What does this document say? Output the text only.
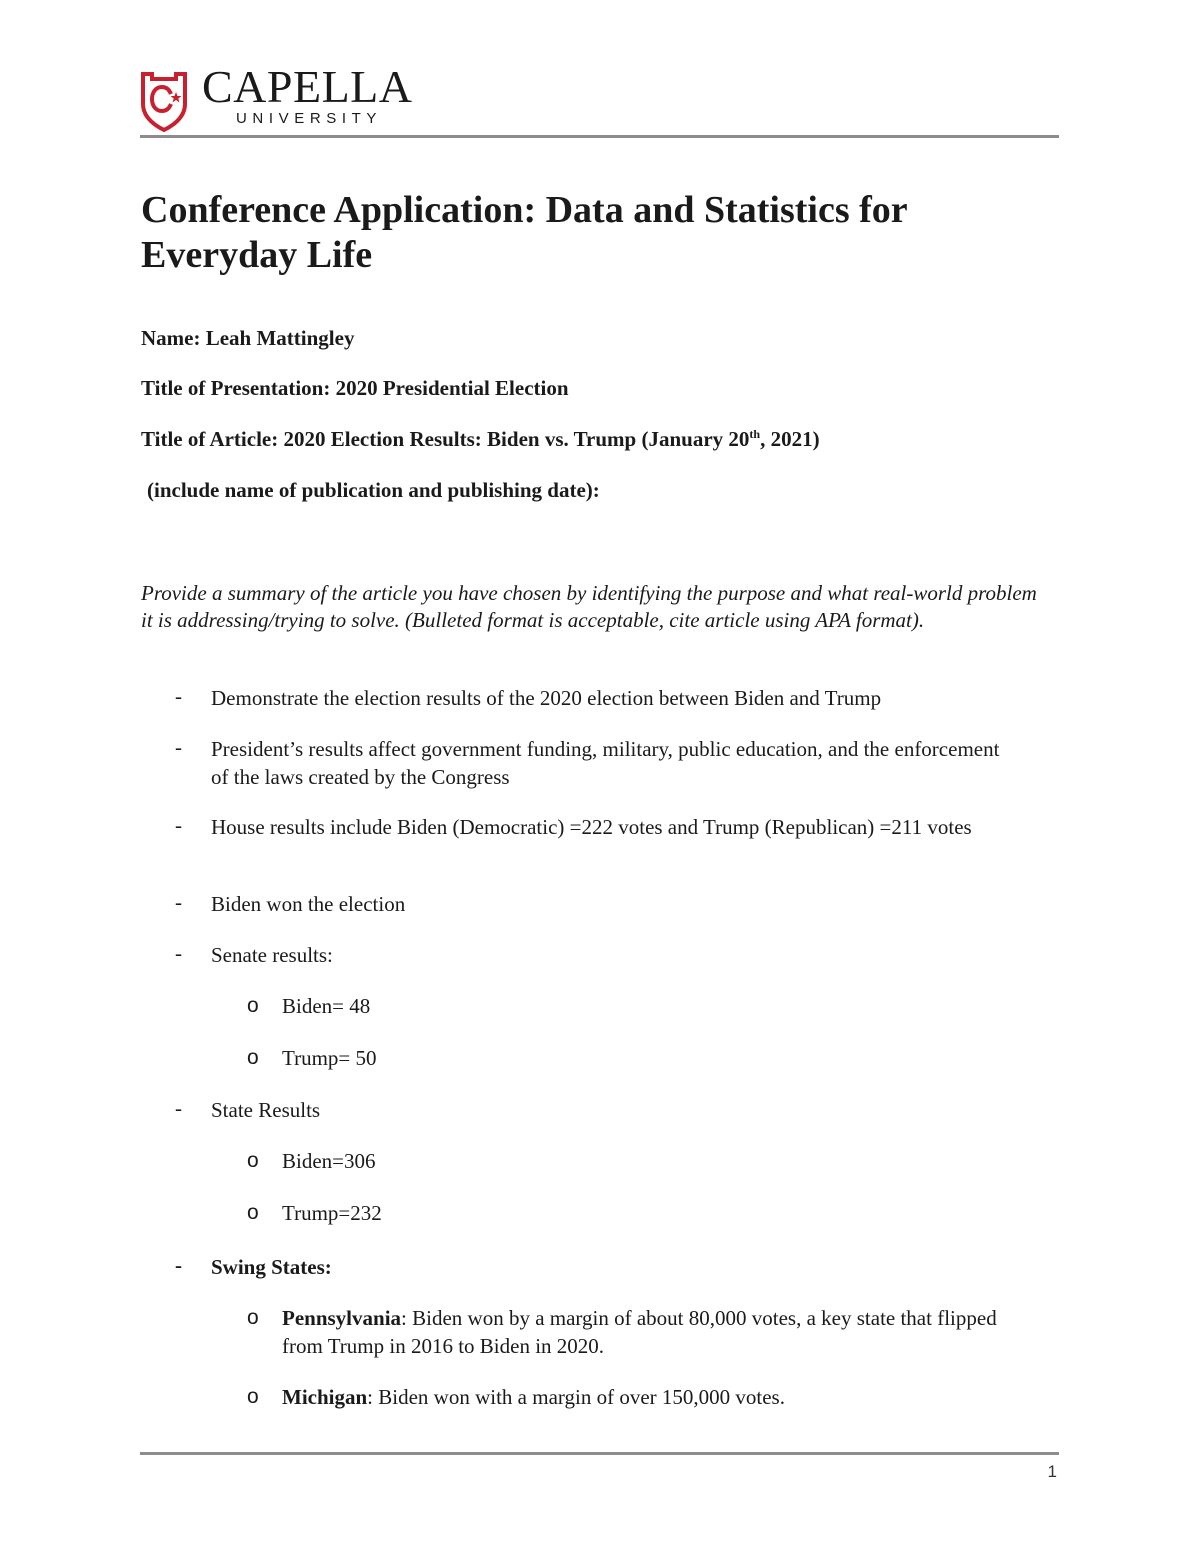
CAPELLA
UNIVERSITY
Conference Application: Data and Statistics for Everyday Life

Name: Leah Mattingley

Title of Presentation: 2020 Presidential Election

Title of Article: 2020 Election Results: Biden vs. Trump (January 20th, 2021)

(include name of publication and publishing date):

Provide a summary of the article you have chosen by identifying the purpose and what real-world problem it is addressing/trying to solve. (Bulleted format is acceptable, cite article using APA format).

- Demonstrate the election results of the 2020 election between Biden and Trump

- President’s results affect government funding, military, public education, and the enforcement of the laws created by the Congress

- House results include Biden (Democratic) =222 votes and Trump (Republican) =211 votes

- Biden won the election

- Senate results:

o Biden= 48

o Trump= 50

- State Results

o Biden=306

o Trump=232

- Swing States:

o Pennsylvania: Biden won by a margin of about 80,000 votes, a key state that flipped from Trump in 2016 to Biden in 2020.

o Michigan: Biden won with a margin of over 150,000 votes.

1
